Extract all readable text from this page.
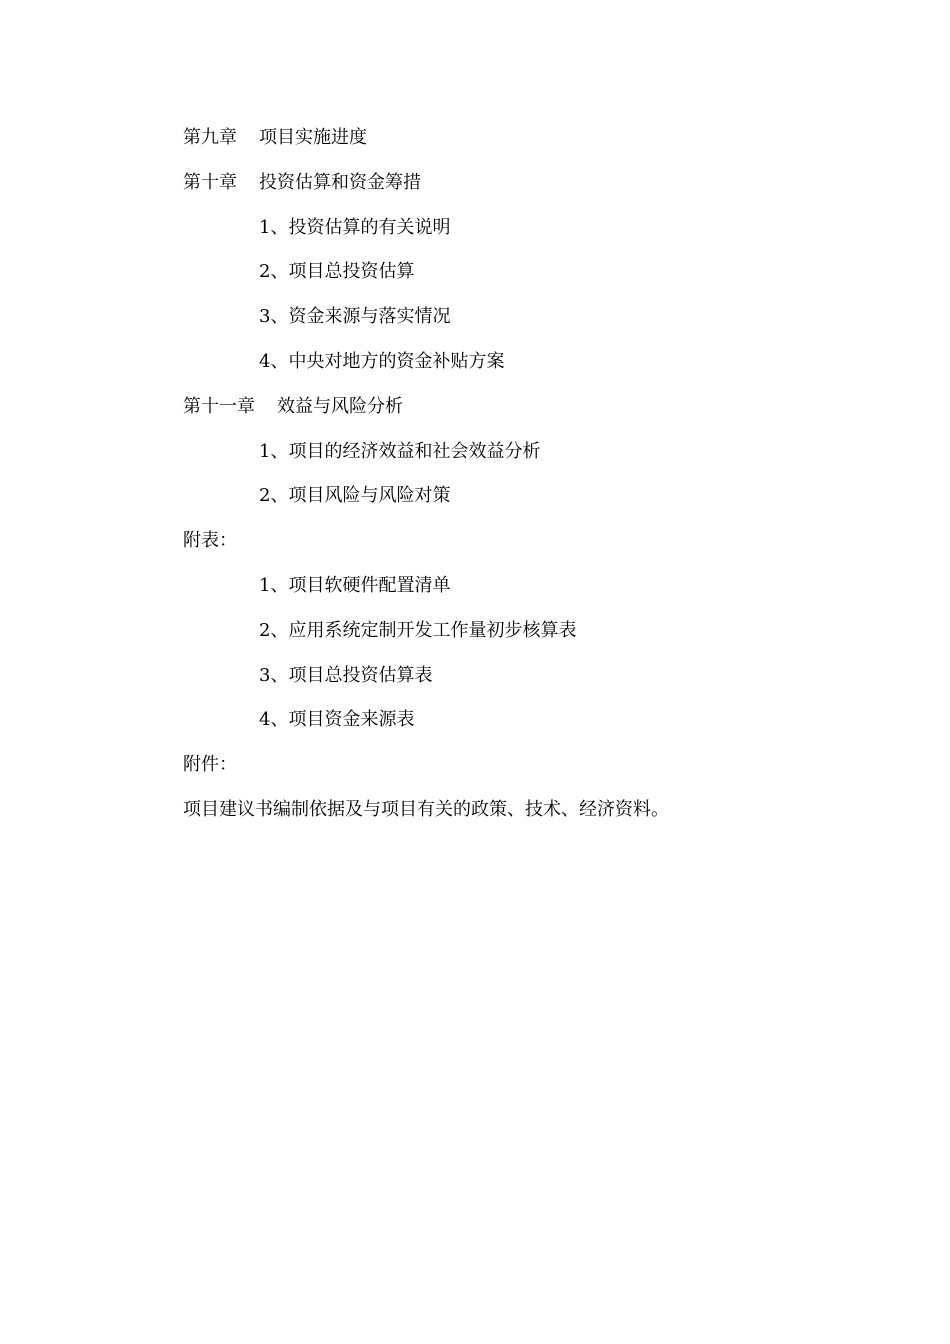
第九章 项目实施进度
第十章 投资估算和资金筹措
1、投资估算的有关说明
2、项目总投资估算
3、资金来源与落实情况
4、中央对地方的资金补贴方案
第十一章 效益与风险分析
1、项目的经济效益和社会效益分析
2、项目风险与风险对策
附表：
1、项目软硬件配置清单
2、应用系统定制开发工作量初步核算表
3、项目总投资估算表
4、项目资金来源表
附件：
项目建议书编制依据及与项目有关的政策、技术、经济资料。
